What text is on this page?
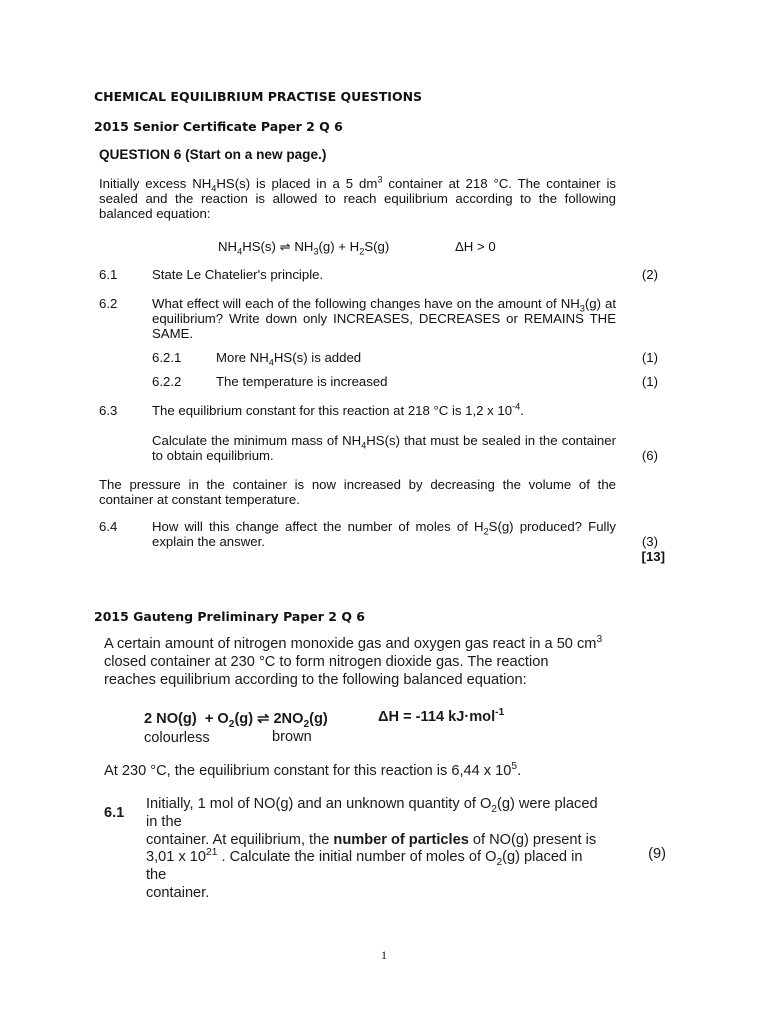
CHEMICAL EQUILIBRIUM PRACTISE QUESTIONS
2015 Senior Certificate Paper 2 Q 6
QUESTION 6 (Start on a new page.)
Initially excess $NH_4HS(s)$ is placed in a 5 $dm^3$ container at 218 °C. The container is sealed and the reaction is allowed to reach equilibrium according to the following balanced equation:
$NH_4HS(s)$ ⇌ $NH_3(g) + H_2S(g)$	ΔH > 0
6.1	State Le Chatelier's principle.	(2)
6.2	What effect will each of the following changes have on the amount of $NH_3(g)$ at equilibrium? Write down only INCREASES, DECREASES or REMAINS THE SAME.
6.2.1	More $NH_4HS(s)$ is added	(1)
6.2.2	The temperature is increased	(1)
6.3	The equilibrium constant for this reaction at 218 °C is 1,2 x $10^{-4}$.
Calculate the minimum mass of $NH_4HS(s)$ that must be sealed in the container to obtain equilibrium.	(6)
The pressure in the container is now increased by decreasing the volume of the container at constant temperature.
6.4	How will this change affect the number of moles of $H_2S(g)$ produced? Fully explain the answer.	(3)
[13]
2015 Gauteng Preliminary Paper 2 Q 6
A certain amount of nitrogen monoxide gas and oxygen gas react in a 50 $cm^3$ closed container at 230 °C to form nitrogen dioxide gas. The reaction reaches equilibrium according to the following balanced equation:
2 $NO(g) + O_2(g)$ ⇌ $2NO_2(g)$	ΔH = -114 kJ·mol$^{-1}$
colourless	brown
At 230 °C, the equilibrium constant for this reaction is 6,44 x $10^5$.
6.1
Initially, 1 mol of NO(g) and an unknown quantity of $O_2(g)$ were placed in the
container. At equilibrium, the number of particles of NO(g) present is
3,01 x $10^{21}$ . Calculate the initial number of moles of $O_2(g)$ placed in the
container.
(9)
1
